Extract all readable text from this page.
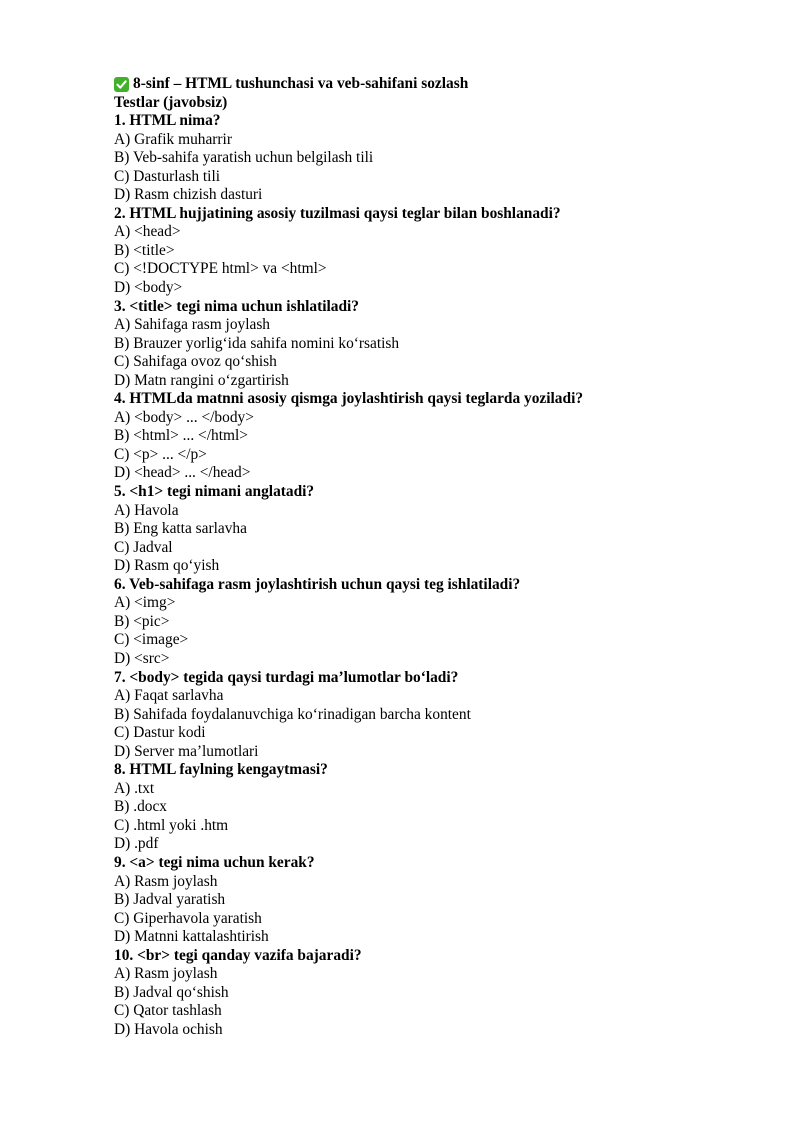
8-sinf – HTML tushunchasi va veb-sahifani sozlash
Testlar (javobsiz)
1. HTML nima?
A) Grafik muharrir
B) Veb-sahifa yaratish uchun belgilash tili
C) Dasturlash tili
D) Rasm chizish dasturi
2. HTML hujjatining asosiy tuzilmasi qaysi teglar bilan boshlanadi?
A) <head>
B) <title>
C) <!DOCTYPE html> va <html>
D) <body>
3. <title> tegi nima uchun ishlatiladi?
A) Sahifaga rasm joylash
B) Brauzer yorlig‘ida sahifa nomini ko‘rsatish
C) Sahifaga ovoz qo‘shish
D) Matn rangini o‘zgartirish
4. HTMLda matnni asosiy qismga joylashtirish qaysi teglarda yoziladi?
A) <body> ... </body>
B) <html> ... </html>
C) <p> ... </p>
D) <head> ... </head>
5. <h1> tegi nimani anglatadi?
A) Havola
B) Eng katta sarlavha
C) Jadval
D) Rasm qo‘yish
6. Veb-sahifaga rasm joylashtirish uchun qaysi teg ishlatiladi?
A) <img>
B) <pic>
C) <image>
D) <src>
7. <body> tegida qaysi turdagi ma’lumotlar bo‘ladi?
A) Faqat sarlavha
B) Sahifada foydalanuvchiga ko‘rinadigan barcha kontent
C) Dastur kodi
D) Server ma’lumotlari
8. HTML faylning kengaytmasi?
A) .txt
B) .docx
C) .html yoki .htm
D) .pdf
9. <a> tegi nima uchun kerak?
A) Rasm joylash
B) Jadval yaratish
C) Giperhavola yaratish
D) Matnni kattalashtirish
10. <br> tegi qanday vazifa bajaradi?
A) Rasm joylash
B) Jadval qo‘shish
C) Qator tashlash
D) Havola ochish
